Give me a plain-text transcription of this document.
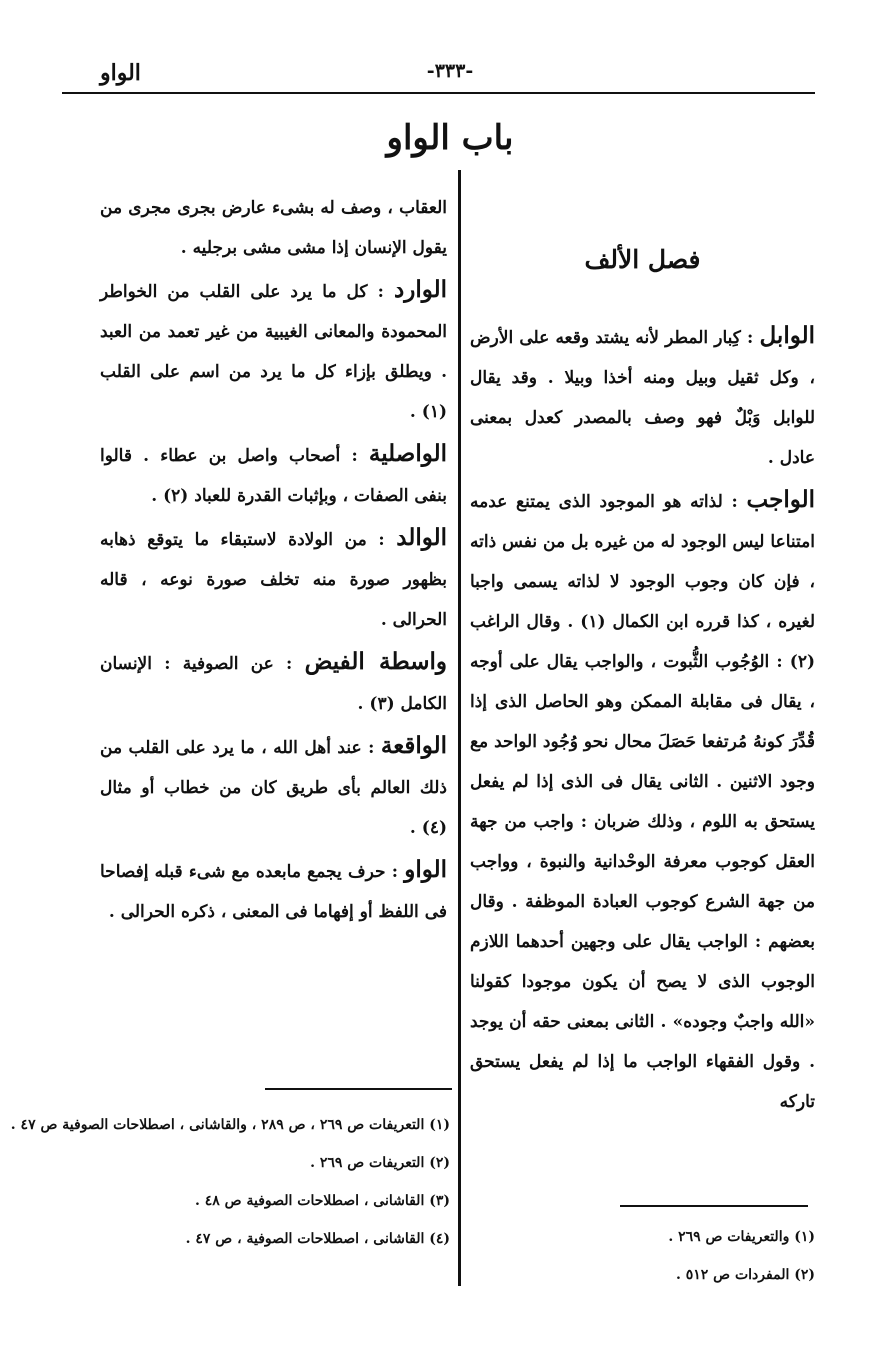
الواو	-٣٣٣-
باب الواو
فصل الألف
الوابل : كِبار المطر لأنه يشتد وقعه على الأرض ، وكل ثقيل وبيل ومنه أخذا وبيلا . وقد يقال للوابل وَبْلٌ فهو وصف بالمصدر كعدل بمعنى عادل .
الواجب : لذاته هو الموجود الذى يمتنع عدمه امتناعا ليس الوجود له من غيره بل من نفس ذاته ، فإن كان وجوب الوجود لا لذاته يسمى واجبا لغيره ، كذا قرره ابن الكمال (١) . وقال الراغب (٢) : الوُجُوب الثُّبوت ، والواجب يقال على أوجه ، يقال فى مقابلة الممكن وهو الحاصل الذى إذا قُدِّرَ كونهُ مُرتفعا حَصَلَ محال نحو وُجُود الواحد مع وجود الاثنين . الثانى يقال فى الذى إذا لم يفعل يستحق به اللوم ، وذلك ضربان : واجب من جهة العقل كوجوب معرفة الوحْدانية والنبوة ، وواجب من جهة الشرع كوجوب العبادة الموظفة . وقال بعضهم : الواجب يقال على وجهين أحدهما اللازم الوجوب الذى لا يصح أن يكون موجودا كقولنا «الله واجبٌ وجوده» . الثانى بمعنى حقه أن يوجد . وقول الفقهاء الواجب ما إذا لم يفعل يستحق تاركه
العقاب ، وصف له بشىء عارض بجرى مجرى من يقول الإنسان إذا مشى مشى برجليه .
الوارد : كل ما يرد على القلب من الخواطر المحمودة والمعانى الغيبية من غير تعمد من العبد . ويطلق بإزاء كل ما يرد من اسم على القلب (١) .
الواصلية : أصحاب واصل بن عطاء . قالوا بنفى الصفات ، وبإثبات القدرة للعباد (٢) .
الوالد : من الولادة لاستبقاء ما يتوقع ذهابه بظهور صورة منه تخلف صورة نوعه ، قاله الحرالى .
واسطة الفيض : عن الصوفية : الإنسان الكامل (٣) .
الواقعة : عند أهل الله ، ما يرد على القلب من ذلك العالم بأى طريق كان من خطاب أو مثال (٤) .
الواو : حرف يجمع مابعده مع شىء قبله إفصاحا فى اللفظ أو إفهاما فى المعنى ، ذكره الحرالى .
(١) والتعريفات ص ٢٦٩ .
(٢) المفردات ص ٥١٢ .
(١) التعريفات ص ٢٦٩ ، ص ٢٨٩ ، والقاشانى ، اصطلاحات الصوفية ص ٤٧ .
(٢) التعريفات ص ٢٦٩ .
(٣) القاشانى ، اصطلاحات الصوفية ص ٤٨ .
(٤) القاشانى ، اصطلاحات الصوفية ، ص ٤٧ .
